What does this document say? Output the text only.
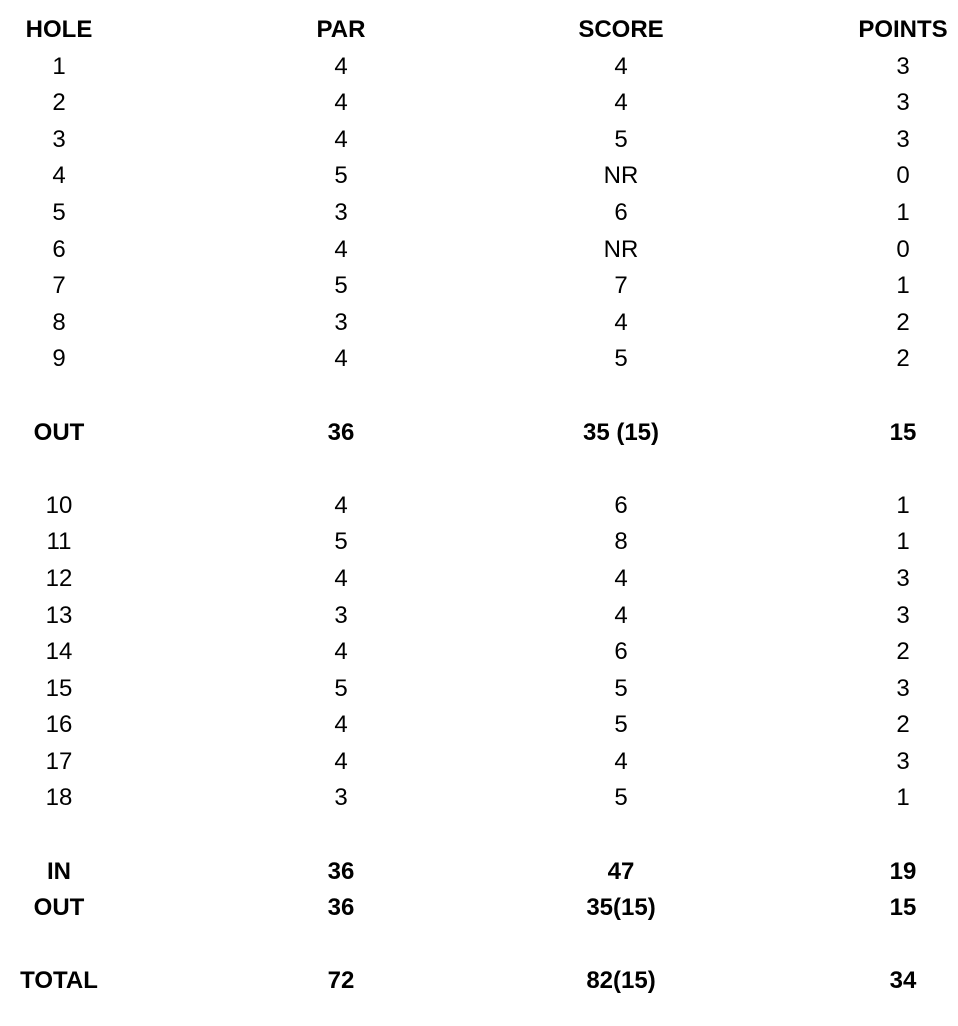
HOLE	PAR	SCORE	POINTS
1	4	4	3
2	4	4	3
3	4	5	3
4	5	NR	0
5	3	6	1
6	4	NR	0
7	5	7	1
8	3	4	2
9	4	5	2
OUT	36	35 (15)	15
10	4	6	1
11	5	8	1
12	4	4	3
13	3	4	3
14	4	6	2
15	5	5	3
16	4	5	2
17	4	4	3
18	3	5	1
IN	36	47	19
OUT	36	35(15)	15
TOTAL	72	82(15)	34
